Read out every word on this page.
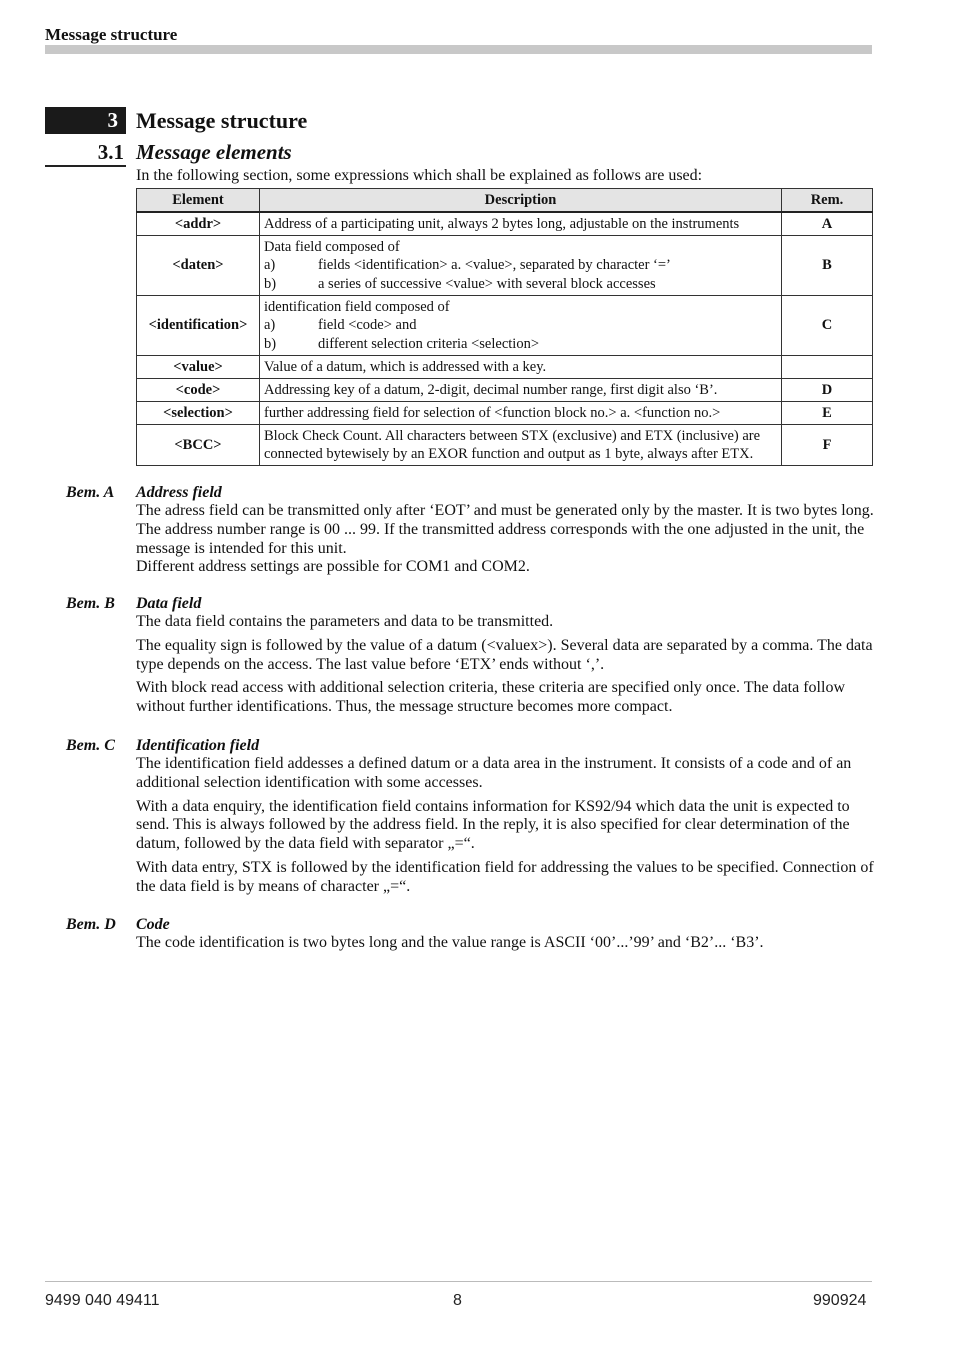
Message structure
3 Message structure
3.1 Message elements
In the following section, some expressions which shall be explained as follows are used:
Element	Description	Rem.
<addr>	Address of a participating unit, always 2 bytes long, adjustable on the instruments	A
<daten>	Data field composed of
a) fields <identification> a. <value>, separated by character ‘=’
b) a series of successive <value> with several block accesses	B
<identification>	identification field composed of
a) field <code> and
b) different selection criteria <selection>	C
<value>	Value of a datum, which is addressed with a key.	

<code>	Addressing key of a datum, 2-digit, decimal number range, first digit also ‘B’.	D
<selection>	further addressing field for selection of <function block no.> a. <function no.>	E
<BCC>	Block Check Count. All characters between STX (exclusive) and ETX (inclusive) are
connected bytewisely by an EXOR function and output as 1 byte, always after ETX.	F
Bem. A Address field

The adress field can be transmitted only after ‘EOT’ and must be generated only by the master. It is two bytes long. The address number range is 00 ... 99. If the transmitted address corresponds with the one adjusted in the unit, the message is intended for this unit.

Different address settings are possible for COM1 and COM2.

Bem. B Data field

The data field contains the parameters and data to be transmitted.

The equality sign is followed by the value of a datum (<valuex>). Several data are separated by a comma. The data type depends on the access. The last value before ‘ETX’ ends without ‘,’.

With block read access with additional selection criteria, these criteria are specified only once. The data follow without further identifications. Thus, the message structure becomes more compact.

Bem. C Identification field

The identification field addesses a defined datum or a data area in the instrument. It consists of a code and of an additional selection identification with some accesses.

With a data enquiry, the identification field contains information for KS92/94 which data the unit is expected to send. This is always followed by the address field. In the reply, it is also specified for clear determination of the datum, followed by the data field with separator „=“.

With data entry, STX is followed by the identification field for addressing the values to be specified. Connection of the data field is by means of character „=“.

Bem. D Code

The code identification is two bytes long and the value range is ASCII ‘00’...’99’ and ‘B2’... ‘B3’.

9499 040 49411	8	990924
